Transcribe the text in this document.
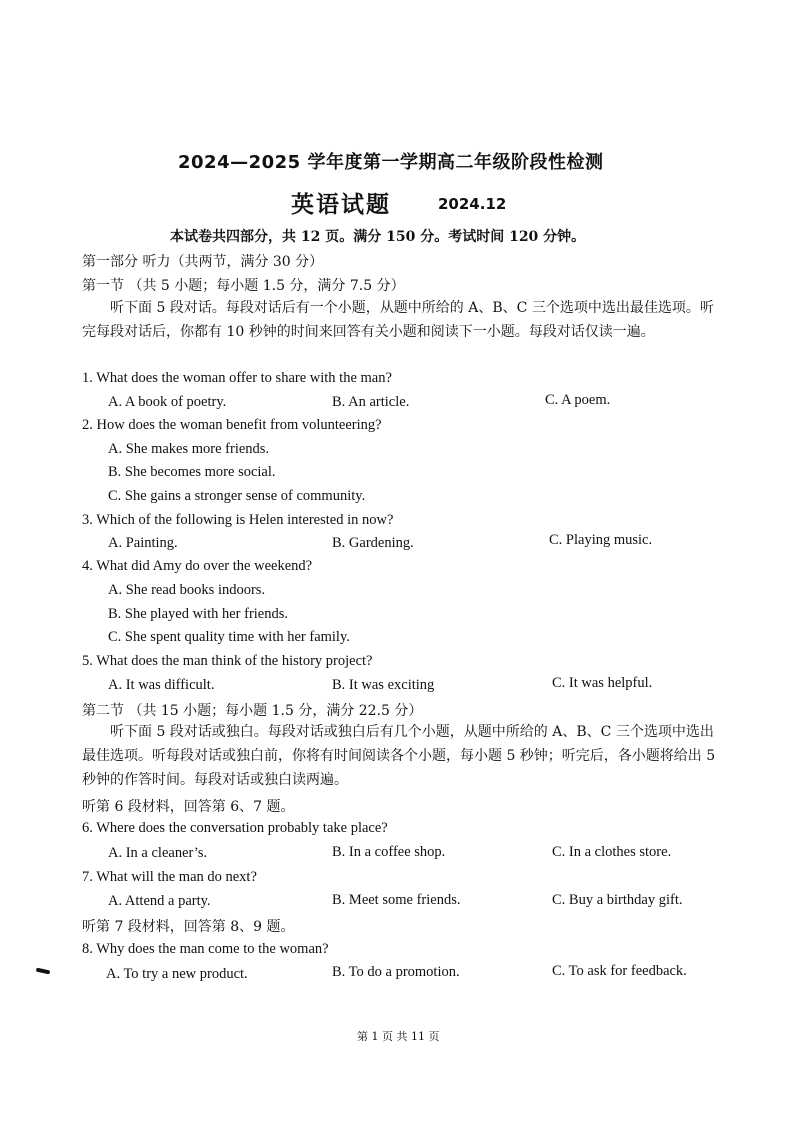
2024—2025 学年度第一学期高二年级阶段性检测
英语试题	2024.12
本试卷共四部分，共 12 页。满分 150 分。考试时间 120 分钟。
第一部分 听力（共两节，满分 30 分）
第一节 （共 5 小题；每小题 1.5 分，满分 7.5 分）
听下面 5 段对话。每段对话后有一个小题，从题中所给的 A、B、C 三个选项中选出最佳选项。听完每段对话后，你都有 10 秒钟的时间来回答有关小题和阅读下一小题。每段对话仅读一遍。
1. What does the woman offer to share with the man?
A. A book of poetry.	B. An article.	C. A poem.
2. How does the woman benefit from volunteering?
A. She makes more friends.
B. She becomes more social.
C. She gains a stronger sense of community.
3. Which of the following is Helen interested in now?
A. Painting.	B. Gardening.	C. Playing music.
4. What did Amy do over the weekend?
A. She read books indoors.
B. She played with her friends.
C. She spent quality time with her family.
5. What does the man think of the history project?
A. It was difficult.	B. It was exciting	C. It was helpful.
第二节 （共 15 小题；每小题 1.5 分，满分 22.5 分）
听下面 5 段对话或独白。每段对话或独白后有几个小题，从题中所给的 A、B、C 三个选项中选出最佳选项。听每段对话或独白前，你将有时间阅读各个小题，每小题 5 秒钟；听完后，各小题将给出 5 秒钟的作答时间。每段对话或独白读两遍。
听第 6 段材料，回答第 6、7 题。
6. Where does the conversation probably take place?
A. In a cleaner’s.	B. In a coffee shop.	C. In a clothes store.
7. What will the man do next?
A. Attend a party.	B. Meet some friends.	C. Buy a birthday gift.
听第 7 段材料，回答第 8、9 题。
8. Why does the man come to the woman?
A. To try a new product.	B. To do a promotion.	C. To ask for feedback.
第 1 页 共 11 页
